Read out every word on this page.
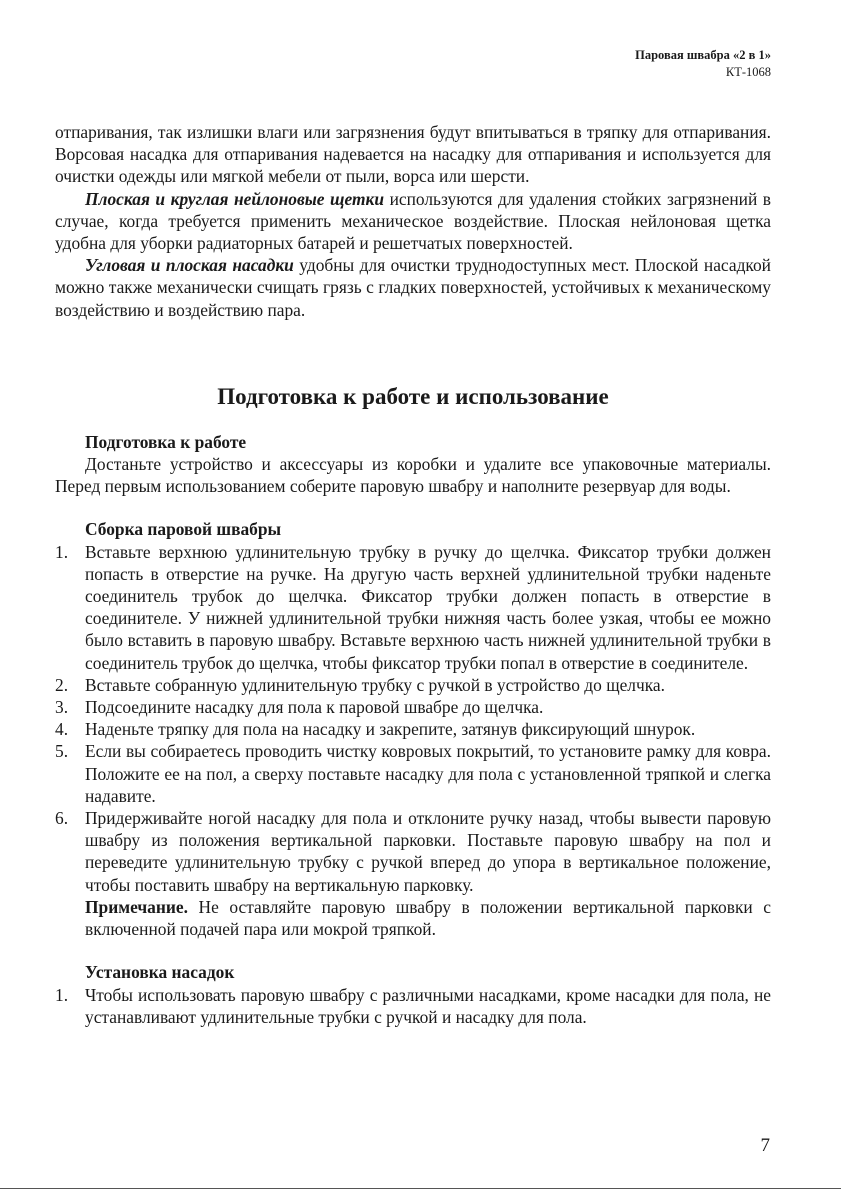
Паровая швабра «2 в 1»
КТ-1068

отпаривания, так излишки влаги или загрязнения будут впитываться в тряпку для отпаривания. Ворсовая насадка для отпаривания надевается на насадку для отпаривания и используется для очистки одежды или мягкой мебели от пыли, ворса или шерсти.

Плоская и круглая нейлоновые щетки используются для удаления стойких загрязнений в случае, когда требуется применить механическое воздействие. Плоская нейлоновая щетка удобна для уборки радиаторных батарей и решетчатых поверхностей.

Угловая и плоская насадки удобны для очистки труднодоступных мест. Плоской насадкой можно также механически счищать грязь с гладких поверхностей, устойчивых к механическому воздействию и воздействию пара.

Подготовка к работе и использование
Подготовка к работе

Достаньте устройство и аксессуары из коробки и удалите все упаковочные материалы. Перед первым использованием соберите паровую швабру и наполните резервуар для воды.

Сборка паровой швабры
1. Вставьте верхнюю удлинительную трубку в ручку до щелчка. Фиксатор трубки должен попасть в отверстие на ручке. На другую часть верхней удлинительной трубки наденьте соединитель трубок до щелчка. Фиксатор трубки должен попасть в отверстие в соединителе. У нижней удлинительной трубки нижняя часть более узкая, чтобы ее можно было вставить в паровую швабру. Вставьте верхнюю часть нижней удлинительной трубки в соединитель трубок до щелчка, чтобы фиксатор трубки попал в отверстие в соединителе.
2. Вставьте собранную удлинительную трубку с ручкой в устройство до щелчка.
3. Подсоедините насадку для пола к паровой швабре до щелчка.
4. Наденьте тряпку для пола на насадку и закрепите, затянув фиксирующий шнурок.
5. Если вы собираетесь проводить чистку ковровых покрытий, то установите рамку для ковра. Положите ее на пол, а сверху поставьте насадку для пола с установленной тряпкой и слегка надавите.
6. Придерживайте ногой насадку для пола и отклоните ручку назад, чтобы вывести паровую швабру из положения вертикальной парковки. Поставьте паровую швабру на пол и переведите удлинительную трубку с ручкой вперед до упора в вертикальное положение, чтобы поставить швабру на вертикальную парковку.
Примечание. Не оставляйте паровую швабру в положении вертикальной парковки с включенной подачей пара или мокрой тряпкой.
Установка насадок
1. Чтобы использовать паровую швабру с различными насадками, кроме насадки для пола, не устанавливают удлинительные трубки с ручкой и насадку для пола.
7
